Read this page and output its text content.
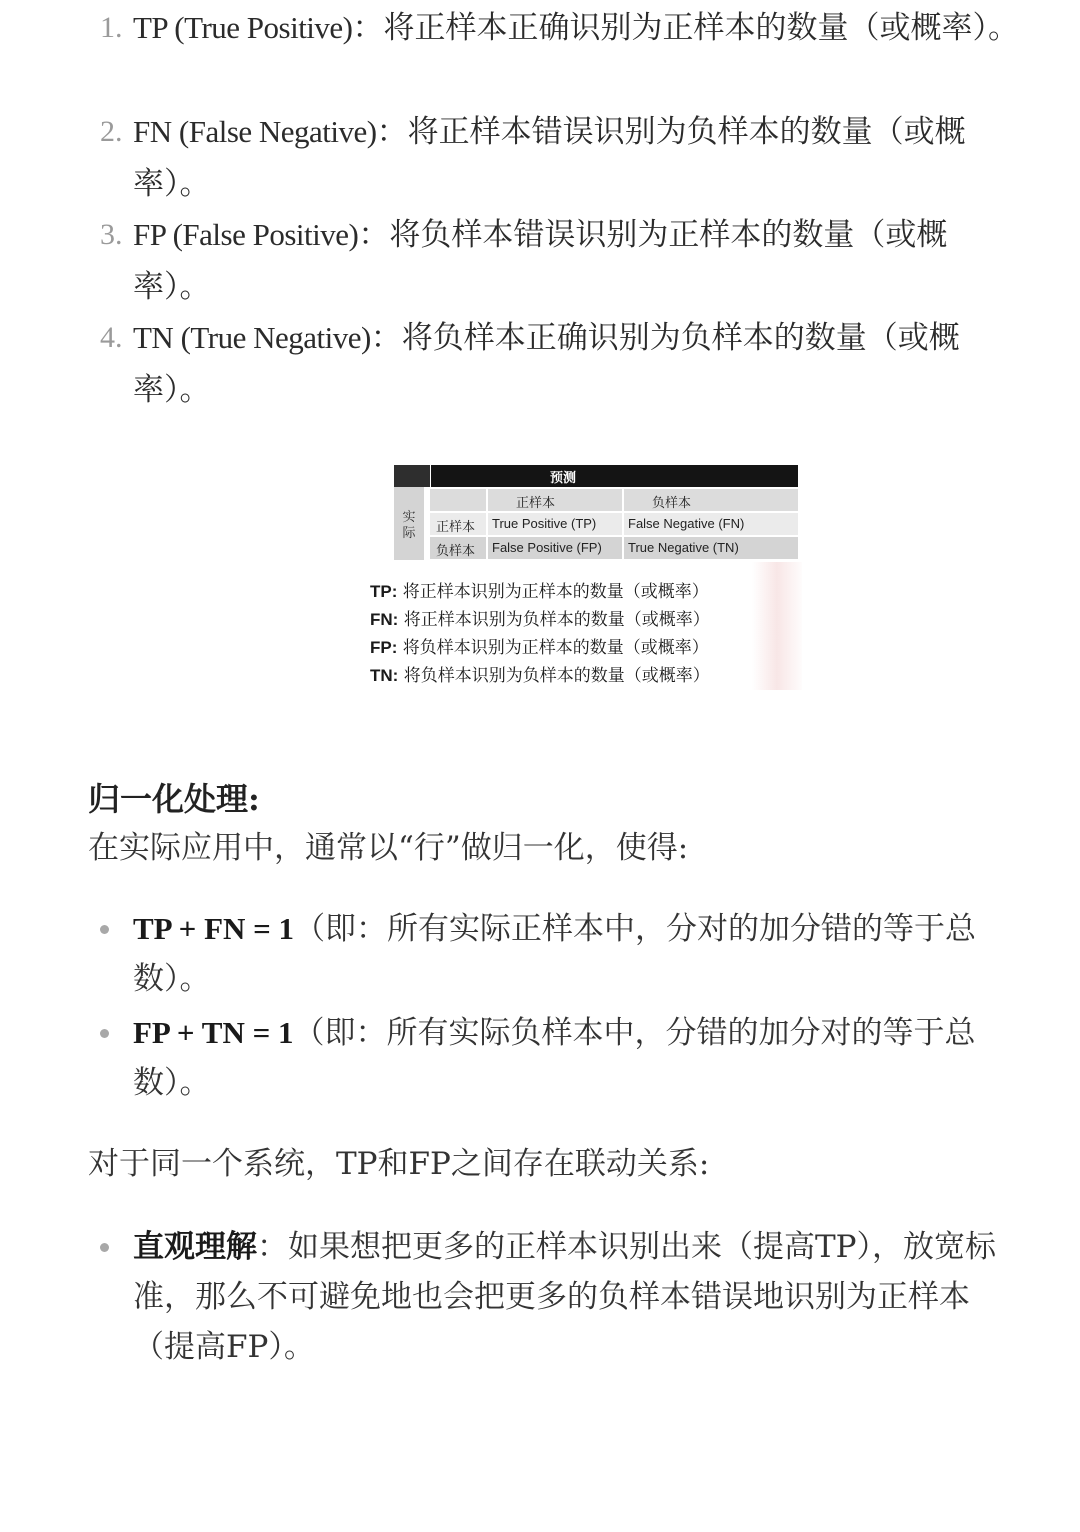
1. TP (True Positive)：将正样本正确识别为正样本的数量（或概率）。
2. FN (False Negative)：将正样本错误识别为负样本的数量（或概率）。
3. FP (False Positive)：将负样本错误识别为正样本的数量（或概率）。
4. TN (True Negative)：将负样本正确识别为负样本的数量（或概率）。
预测
实际
正样本	负样本
正样本 True Positive (TP) False Negative (FN)
负样本 False Positive (FP) True Negative (TN)
TP: 将正样本识别为正样本的数量（或概率）
FN: 将正样本识别为负样本的数量（或概率）
FP: 将负样本识别为正样本的数量（或概率）
TN: 将负样本识别为负样本的数量（或概率）
归一化处理:
在实际应用中，通常以“行”做归一化，使得:
TP + FN = 1（即：所有实际正样本中，分对的加分错的等于总数）。
FP + TN = 1（即：所有实际负样本中，分错的加分对的等于总数）。
对于同一个系统，TP和FP之间存在联动关系:
直观理解：如果想把更多的正样本识别出来（提高TP），放宽标准，那么不可避免地也会把更多的负样本错误地识别为正样本（提高FP）。
